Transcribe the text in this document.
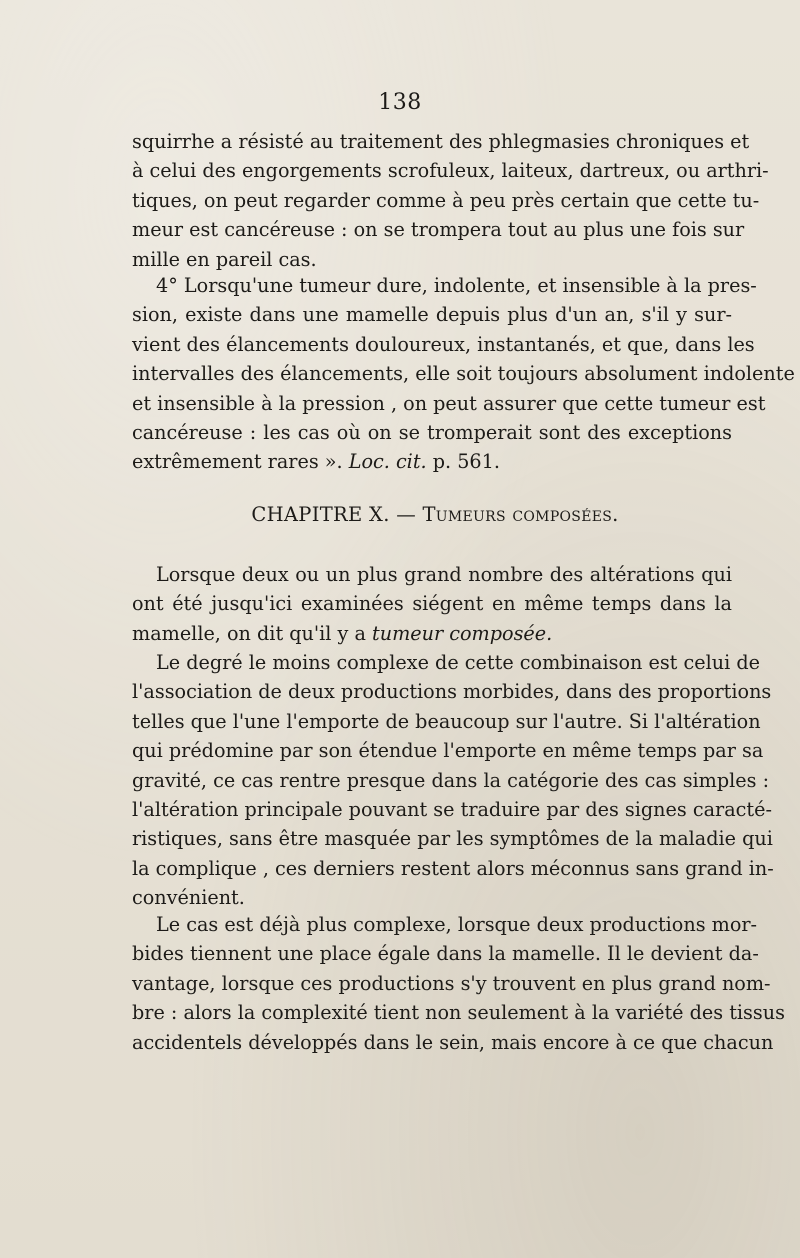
138
squirrhe a résisté au traitement des phlegmasies chroniques et
à celui des engorgements scrofuleux, laiteux, dartreux, ou arthri-
tiques, on peut regarder comme à peu près certain que cette tu-
meur est cancéreuse : on se trompera tout au plus une fois sur
mille en pareil cas.
4° Lorsqu'une tumeur dure, indolente, et insensible à la pres-
sion, existe dans une mamelle depuis plus d'un an, s'il y sur-
vient des élancements douloureux, instantanés, et que, dans les
intervalles des élancements, elle soit toujours absolument indolente
et insensible à la pression , on peut assurer que cette tumeur est
cancéreuse : les cas où on se tromperait sont des exceptions
extrêmement rares ». Loc. cit. p. 561.
CHAPITRE X. — Tumeurs composées.
Lorsque deux ou un plus grand nombre des altérations qui
ont été jusqu'ici examinées siégent en même temps dans la
mamelle, on dit qu'il y a tumeur composée.
Le degré le moins complexe de cette combinaison est celui de
l'association de deux productions morbides, dans des proportions
telles que l'une l'emporte de beaucoup sur l'autre. Si l'altération
qui prédomine par son étendue l'emporte en même temps par sa
gravité, ce cas rentre presque dans la catégorie des cas simples :
l'altération principale pouvant se traduire par des signes caracté-
ristiques, sans être masquée par les symptômes de la maladie qui
la complique , ces derniers restent alors méconnus sans grand in-
convénient.
Le cas est déjà plus complexe, lorsque deux productions mor-
bides tiennent une place égale dans la mamelle. Il le devient da-
vantage, lorsque ces productions s'y trouvent en plus grand nom-
bre : alors la complexité tient non seulement à la variété des tissus
accidentels développés dans le sein, mais encore à ce que chacun
